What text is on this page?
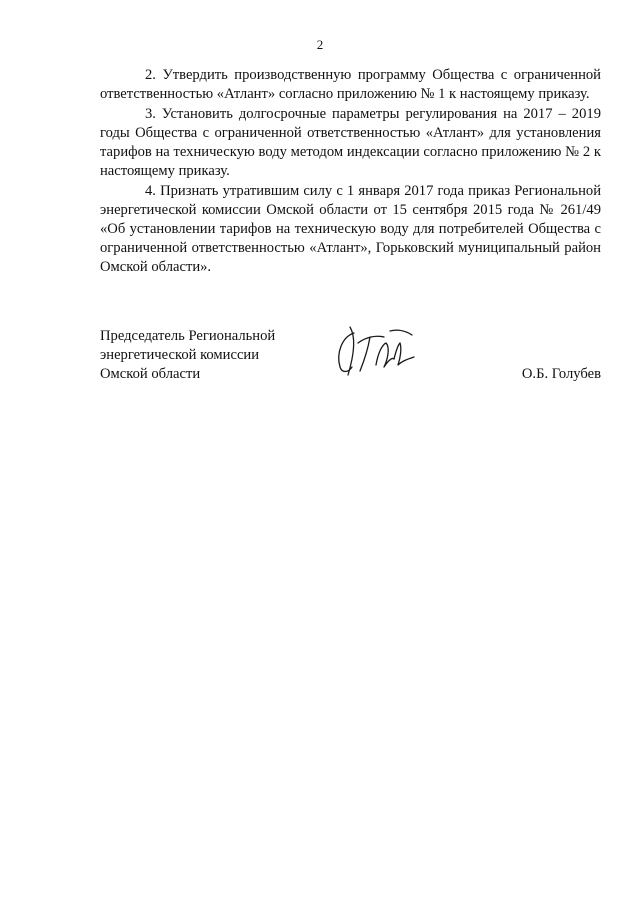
2

2. Утвердить производственную программу Общества с ограниченной ответственностью «Атлант» согласно приложению № 1 к настоящему приказу.

3. Установить долгосрочные параметры регулирования на 2017 – 2019 годы Общества с ограниченной ответственностью «Атлант» для установления тарифов на техническую воду методом индексации согласно приложению № 2 к настоящему приказу.

4. Признать утратившим силу с 1 января 2017 года приказ Региональной энергетической комиссии Омской области от 15 сентября 2015 года № 261/49 «Об установлении тарифов на техническую воду для потребителей Общества с ограниченной ответственностью «Атлант», Горьковский муниципальный район Омской области».

Председатель Региональной
энергетической комиссии
Омской области	О.Б. Голубев
